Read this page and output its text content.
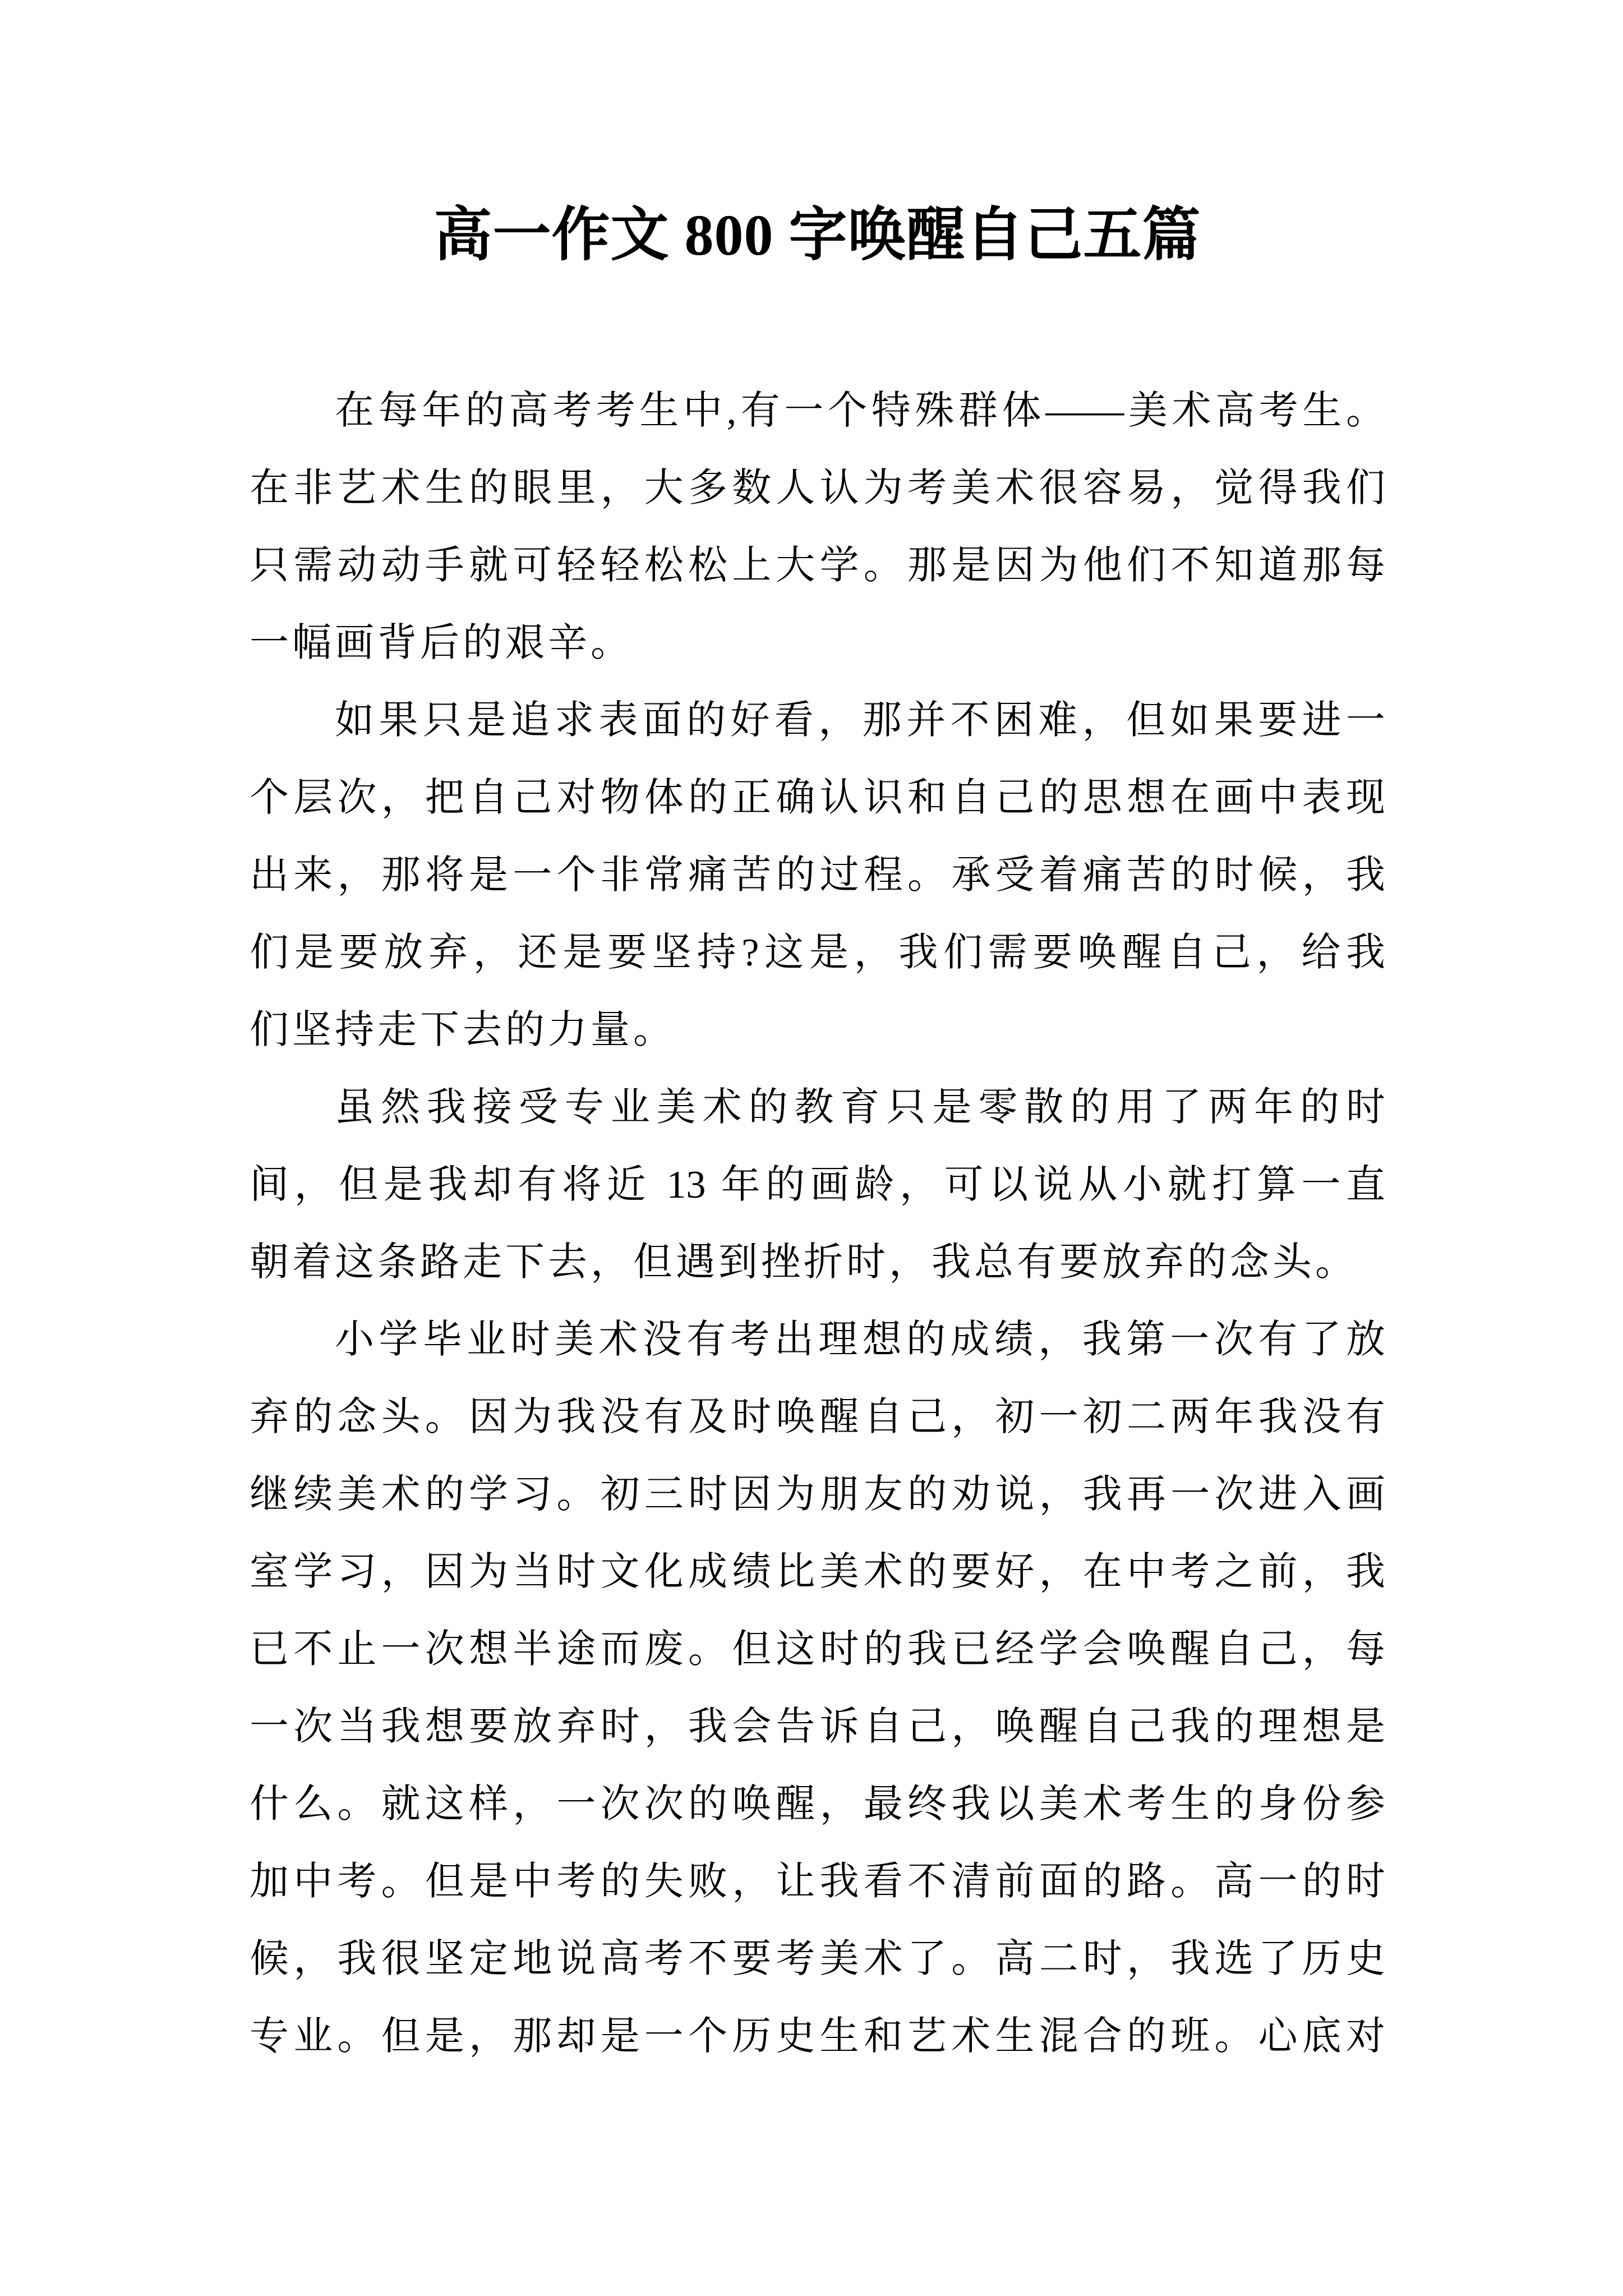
高一作文 800 字唤醒自己五篇
在每年的高考考生中,有一个特殊群体——美术高考生。
在非艺术生的眼里，大多数人认为考美术很容易，觉得我们
只需动动手就可轻轻松松上大学。那是因为他们不知道那每
一幅画背后的艰辛。
如果只是追求表面的好看，那并不困难，但如果要进一
个层次，把自己对物体的正确认识和自己的思想在画中表现
出来，那将是一个非常痛苦的过程。承受着痛苦的时候，我
们是要放弃，还是要坚持?这是，我们需要唤醒自己，给我
们坚持走下去的力量。
虽然我接受专业美术的教育只是零散的用了两年的时
间，但是我却有将近 13 年的画龄，可以说从小就打算一直
朝着这条路走下去，但遇到挫折时，我总有要放弃的念头。
小学毕业时美术没有考出理想的成绩，我第一次有了放
弃的念头。因为我没有及时唤醒自己，初一初二两年我没有
继续美术的学习。初三时因为朋友的劝说，我再一次进入画
室学习，因为当时文化成绩比美术的要好，在中考之前，我
已不止一次想半途而废。但这时的我已经学会唤醒自己，每
一次当我想要放弃时，我会告诉自己，唤醒自己我的理想是
什么。就这样，一次次的唤醒，最终我以美术考生的身份参
加中考。但是中考的失败，让我看不清前面的路。高一的时
候，我很坚定地说高考不要考美术了。高二时，我选了历史
专业。但是，那却是一个历史生和艺术生混合的班。心底对
